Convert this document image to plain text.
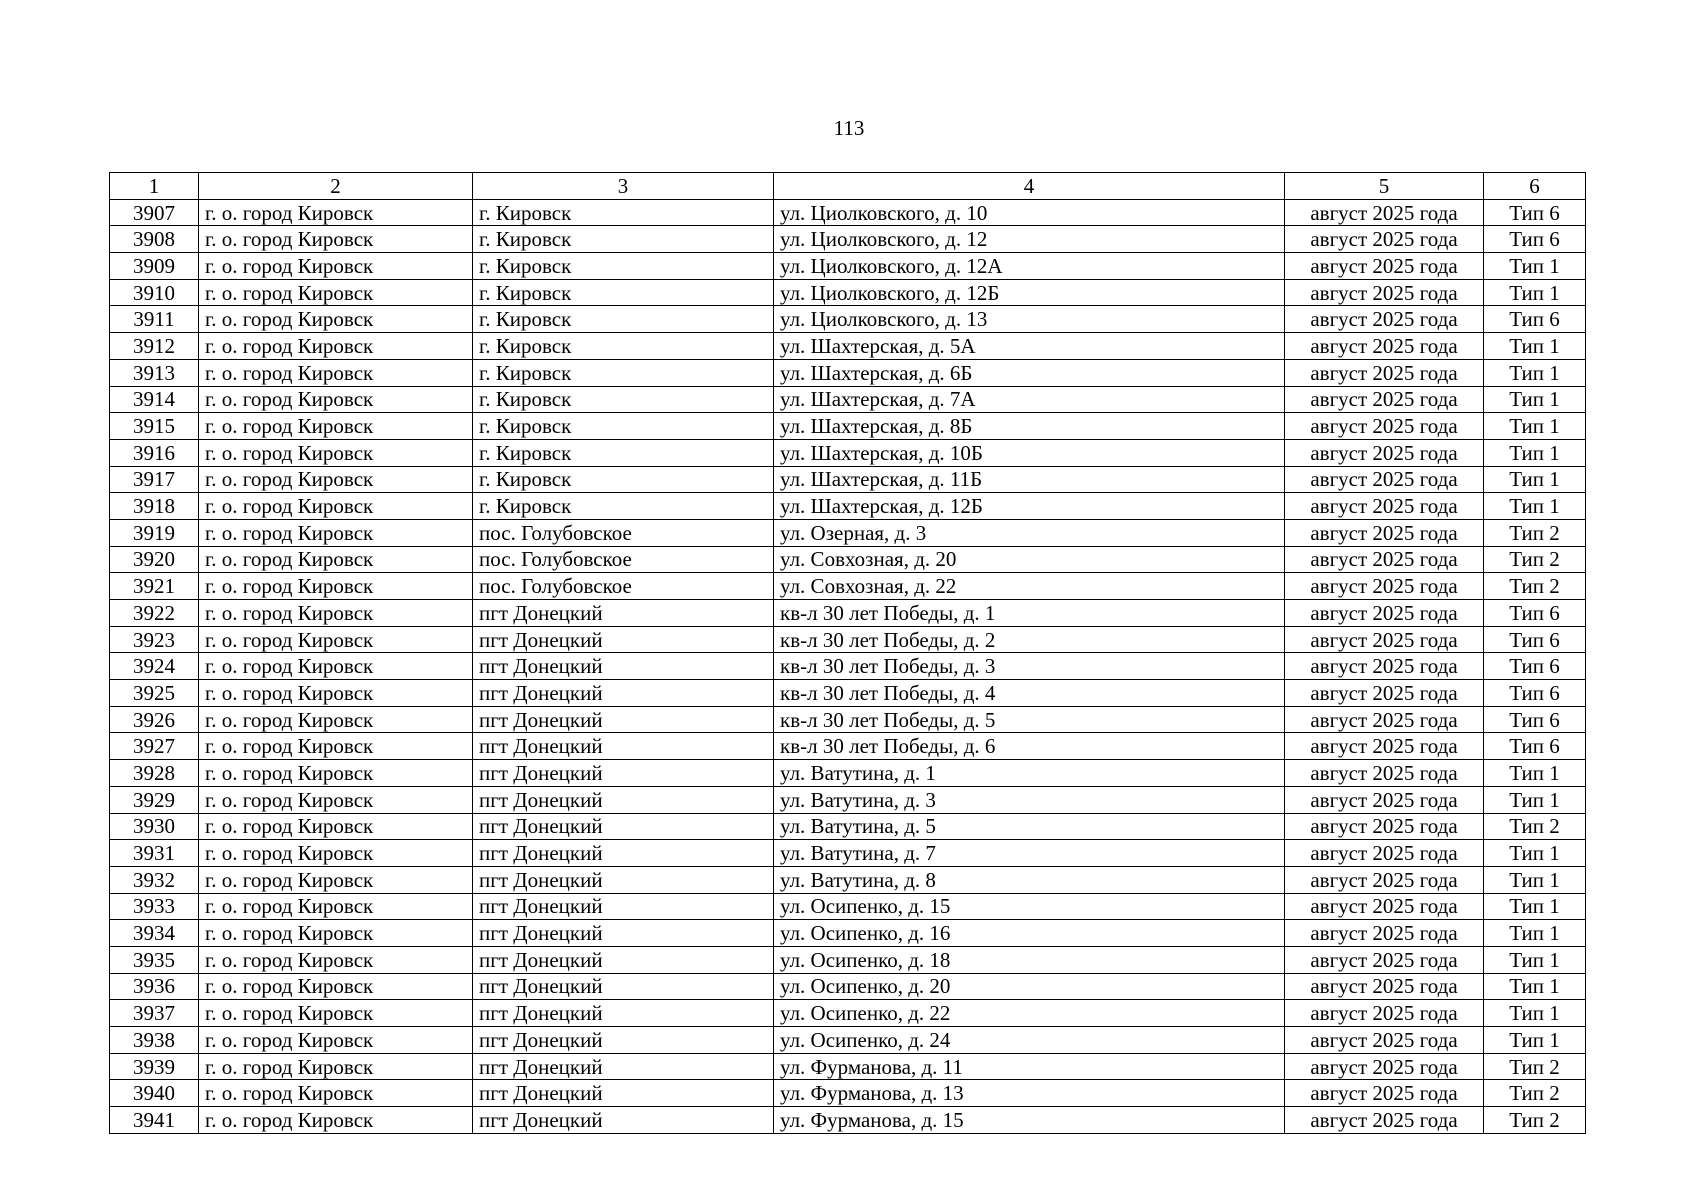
113
1	2	3	4	5	6
3907	г. о. город Кировск	г. Кировск	ул. Циолковского, д. 10	август 2025 года	Тип 6
3908	г. о. город Кировск	г. Кировск	ул. Циолковского, д. 12	август 2025 года	Тип 6
3909	г. о. город Кировск	г. Кировск	ул. Циолковского, д. 12А	август 2025 года	Тип 1
3910	г. о. город Кировск	г. Кировск	ул. Циолковского, д. 12Б	август 2025 года	Тип 1
3911	г. о. город Кировск	г. Кировск	ул. Циолковского, д. 13	август 2025 года	Тип 6
3912	г. о. город Кировск	г. Кировск	ул. Шахтерская, д. 5А	август 2025 года	Тип 1
3913	г. о. город Кировск	г. Кировск	ул. Шахтерская, д. 6Б	август 2025 года	Тип 1
3914	г. о. город Кировск	г. Кировск	ул. Шахтерская, д. 7А	август 2025 года	Тип 1
3915	г. о. город Кировск	г. Кировск	ул. Шахтерская, д. 8Б	август 2025 года	Тип 1
3916	г. о. город Кировск	г. Кировск	ул. Шахтерская, д. 10Б	август 2025 года	Тип 1
3917	г. о. город Кировск	г. Кировск	ул. Шахтерская, д. 11Б	август 2025 года	Тип 1
3918	г. о. город Кировск	г. Кировск	ул. Шахтерская, д. 12Б	август 2025 года	Тип 1
3919	г. о. город Кировск	пос. Голубовское	ул. Озерная, д. 3	август 2025 года	Тип 2
3920	г. о. город Кировск	пос. Голубовское	ул. Совхозная, д. 20	август 2025 года	Тип 2
3921	г. о. город Кировск	пос. Голубовское	ул. Совхозная, д. 22	август 2025 года	Тип 2
3922	г. о. город Кировск	пгт Донецкий	кв-л 30 лет Победы, д. 1	август 2025 года	Тип 6
3923	г. о. город Кировск	пгт Донецкий	кв-л 30 лет Победы, д. 2	август 2025 года	Тип 6
3924	г. о. город Кировск	пгт Донецкий	кв-л 30 лет Победы, д. 3	август 2025 года	Тип 6
3925	г. о. город Кировск	пгт Донецкий	кв-л 30 лет Победы, д. 4	август 2025 года	Тип 6
3926	г. о. город Кировск	пгт Донецкий	кв-л 30 лет Победы, д. 5	август 2025 года	Тип 6
3927	г. о. город Кировск	пгт Донецкий	кв-л 30 лет Победы, д. 6	август 2025 года	Тип 6
3928	г. о. город Кировск	пгт Донецкий	ул. Ватутина, д. 1	август 2025 года	Тип 1
3929	г. о. город Кировск	пгт Донецкий	ул. Ватутина, д. 3	август 2025 года	Тип 1
3930	г. о. город Кировск	пгт Донецкий	ул. Ватутина, д. 5	август 2025 года	Тип 2
3931	г. о. город Кировск	пгт Донецкий	ул. Ватутина, д. 7	август 2025 года	Тип 1
3932	г. о. город Кировск	пгт Донецкий	ул. Ватутина, д. 8	август 2025 года	Тип 1
3933	г. о. город Кировск	пгт Донецкий	ул. Осипенко, д. 15	август 2025 года	Тип 1
3934	г. о. город Кировск	пгт Донецкий	ул. Осипенко, д. 16	август 2025 года	Тип 1
3935	г. о. город Кировск	пгт Донецкий	ул. Осипенко, д. 18	август 2025 года	Тип 1
3936	г. о. город Кировск	пгт Донецкий	ул. Осипенко, д. 20	август 2025 года	Тип 1
3937	г. о. город Кировск	пгт Донецкий	ул. Осипенко, д. 22	август 2025 года	Тип 1
3938	г. о. город Кировск	пгт Донецкий	ул. Осипенко, д. 24	август 2025 года	Тип 1
3939	г. о. город Кировск	пгт Донецкий	ул. Фурманова, д. 11	август 2025 года	Тип 2
3940	г. о. город Кировск	пгт Донецкий	ул. Фурманова, д. 13	август 2025 года	Тип 2
3941	г. о. город Кировск	пгт Донецкий	ул. Фурманова, д. 15	август 2025 года	Тип 2
